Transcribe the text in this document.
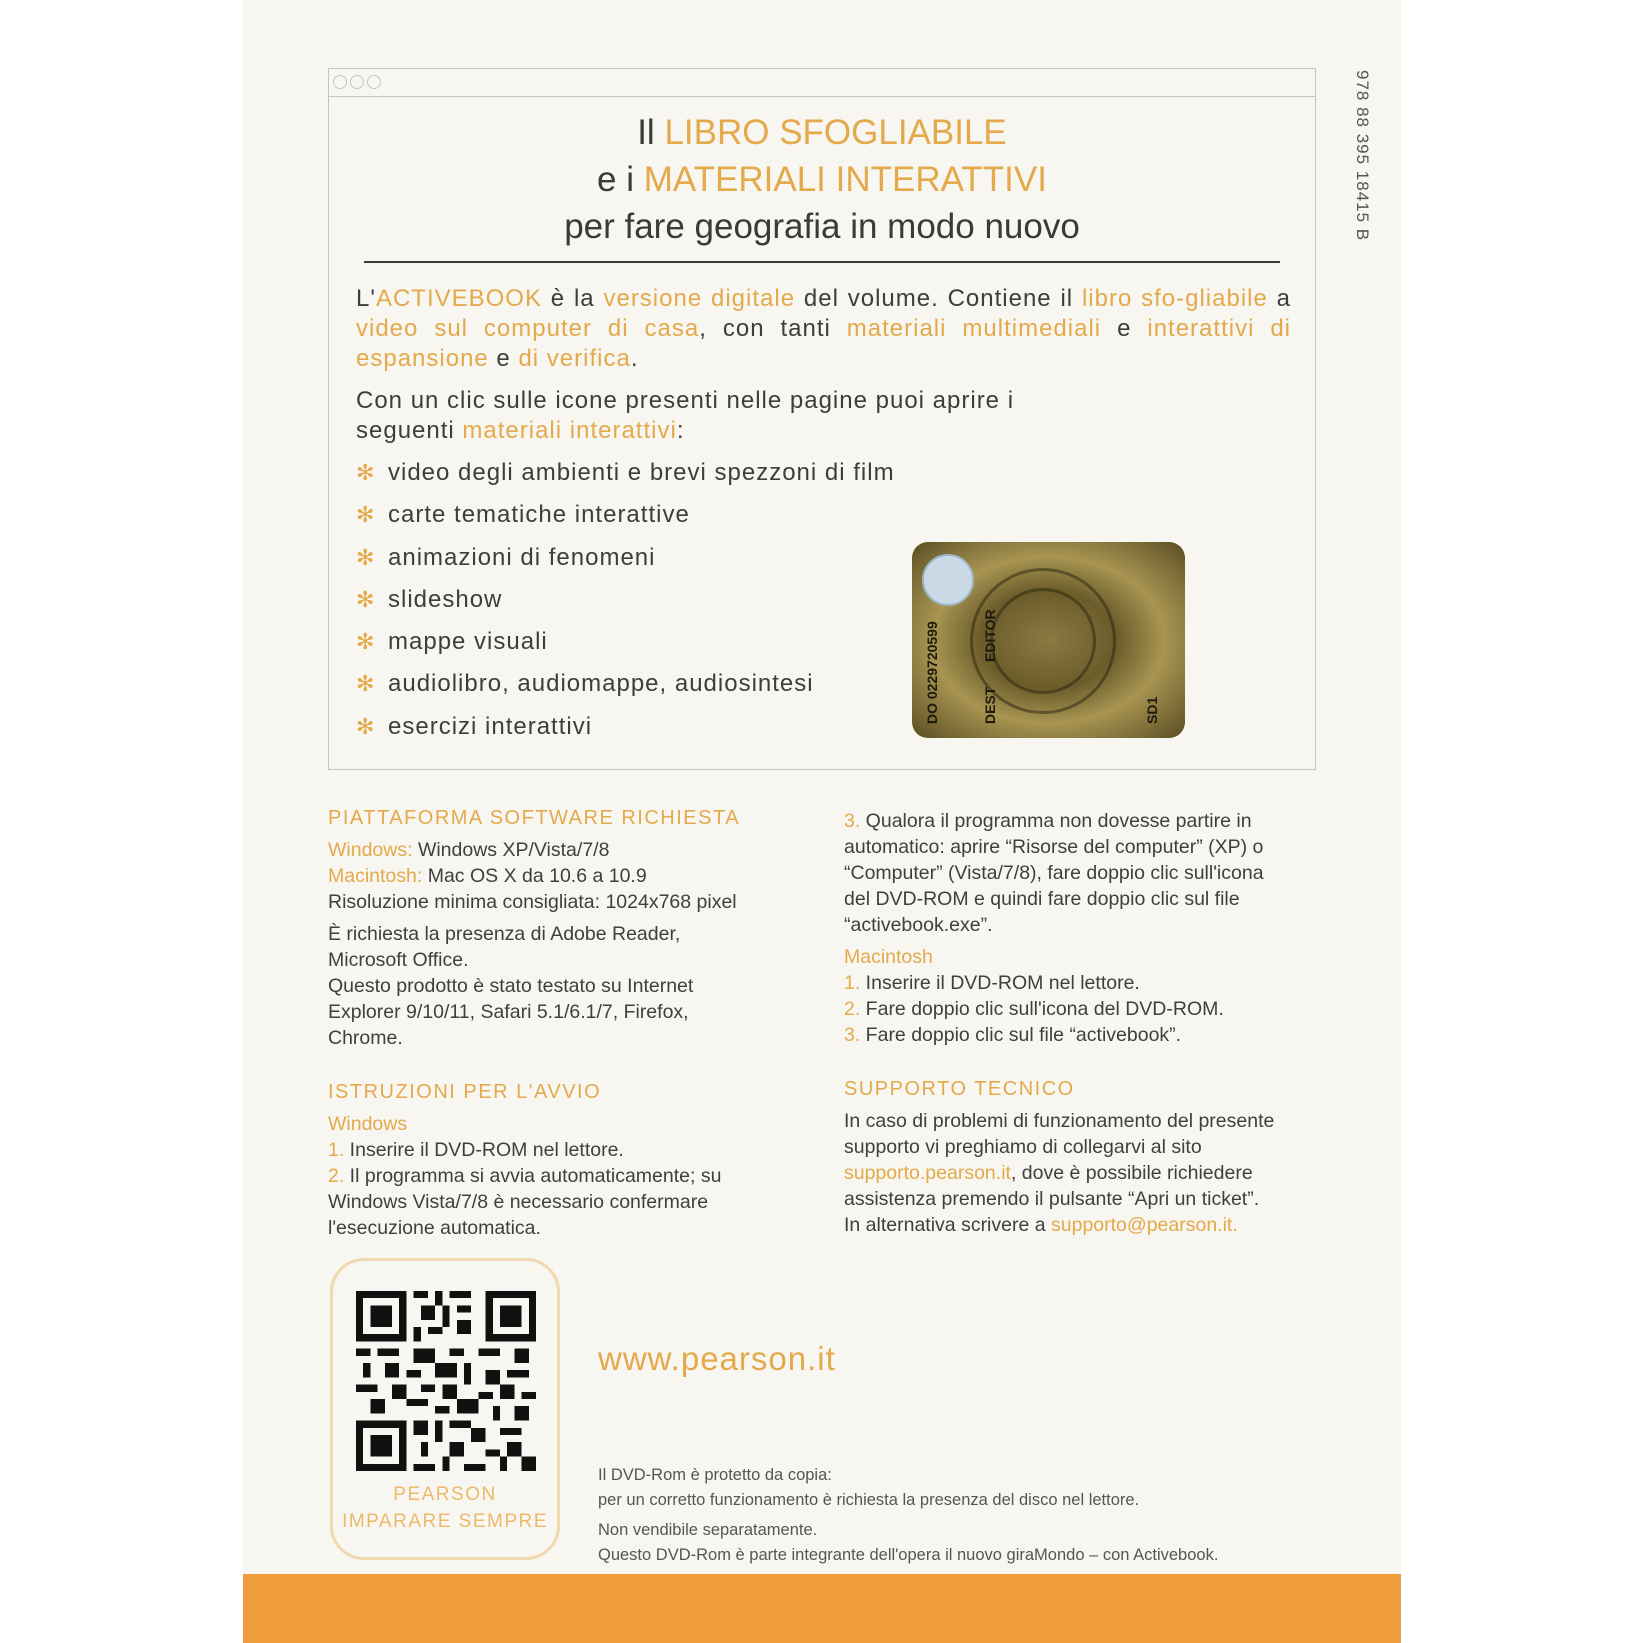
978 88 395 18415 B
Il LIBRO SFOGLIABILE
e i MATERIALI INTERATTIVI
per fare geografia in modo nuovo
L'ACTIVEBOOK è la versione digitale del volume. Contiene il libro sfo-gliabile a video sul computer di casa, con tanti materiali multimediali e interattivi di espansione e di verifica.
Con un clic sulle icone presenti nelle pagine puoi aprire i seguenti materiali interattivi:
✻ video degli ambienti e brevi spezzoni di film
✻ carte tematiche interattive
✻ animazioni di fenomeni
✻ slideshow
✻ mappe visuali
✻ audiolibro, audiomappe, audiosintesi
✻ esercizi interattivi
DO 0229720599	DEST
EDITOR
SD1
PIATTAFORMA SOFTWARE RICHIESTA
Windows: Windows XP/Vista/7/8
Macintosh: Mac OS X da 10.6 a 10.9
Risoluzione minima consigliata: 1024x768 pixel
È richiesta la presenza di Adobe Reader,
Microsoft Office.
Questo prodotto è stato testato su Internet
Explorer 9/10/11, Safari 5.1/6.1/7, Firefox,
Chrome.
ISTRUZIONI PER L'AVVIO
Windows
1. Inserire il DVD-ROM nel lettore.
2. Il programma si avvia automaticamente; su
Windows Vista/7/8 è necessario confermare
l'esecuzione automatica.
3. Qualora il programma non dovesse partire in
automatico: aprire “Risorse del computer” (XP) o
“Computer” (Vista/7/8), fare doppio clic sull'icona
del DVD-ROM e quindi fare doppio clic sul file
“activebook.exe”.
Macintosh
1. Inserire il DVD-ROM nel lettore.
2. Fare doppio clic sull'icona del DVD-ROM.
3. Fare doppio clic sul file “activebook”.
SUPPORTO TECNICO
In caso di problemi di funzionamento del presente
supporto vi preghiamo di collegarvi al sito
supporto.pearson.it, dove è possibile richiedere
assistenza premendo il pulsante “Apri un ticket”.
In alternativa scrivere a supporto@pearson.it.
PEARSON
IMPARARE SEMPRE
www.pearson.it
Il DVD-Rom è protetto da copia:
per un corretto funzionamento è richiesta la presenza del disco nel lettore.
Non vendibile separatamente.
Questo DVD-Rom è parte integrante dell'opera il nuovo giraMondo – con Activebook.
